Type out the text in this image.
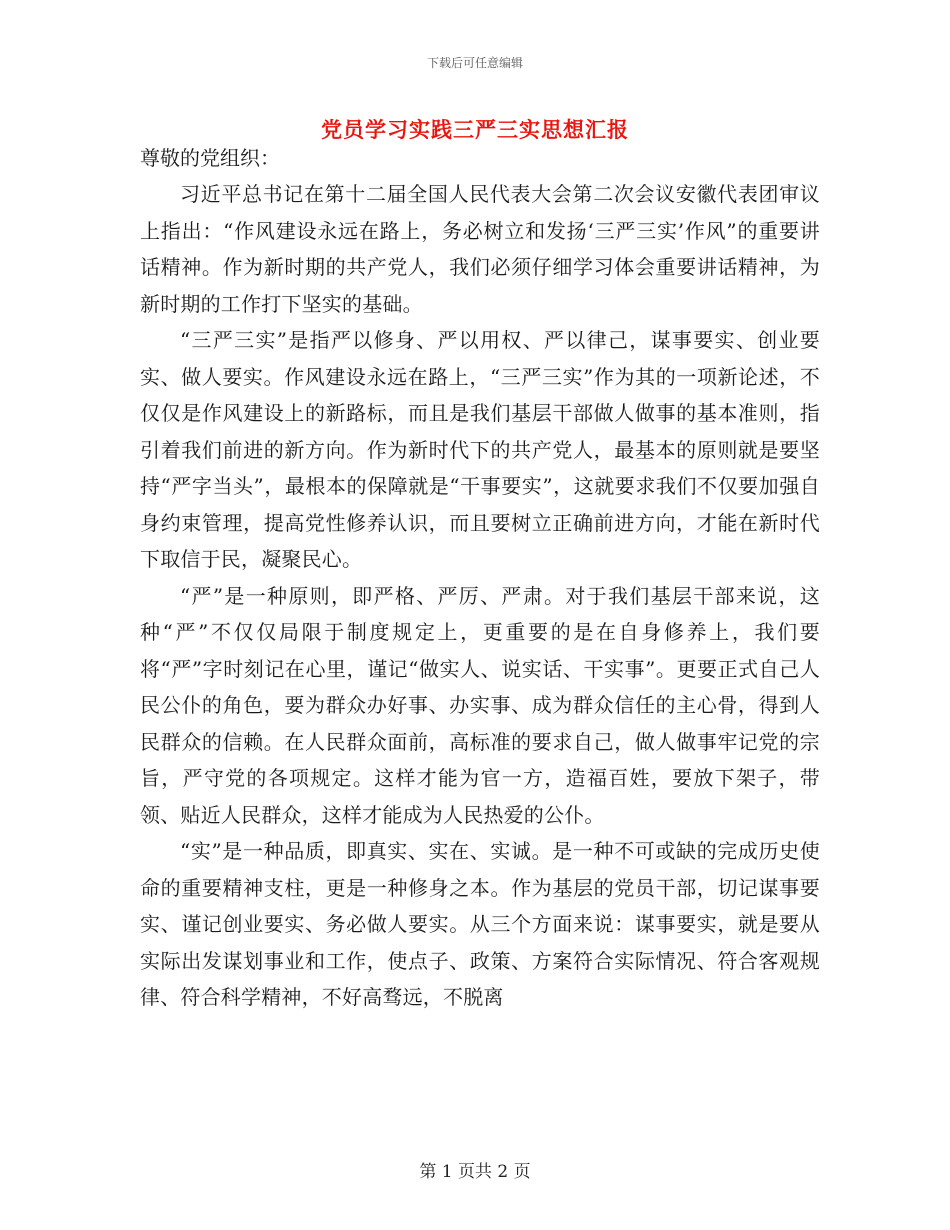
下载后可任意编辑
党员学习实践三严三实思想汇报

尊敬的党组织：

习近平总书记在第十二届全国人民代表大会第二次会议安徽代表团审议上指出：“作风建设永远在路上，务必树立和发扬‘三严三实’作风”的重要讲话精神。作为新时期的共产党人，我们必须仔细学习体会重要讲话精神，为新时期的工作打下坚实的基础。

“三严三实”是指严以修身、严以用权、严以律己，谋事要实、创业要实、做人要实。作风建设永远在路上，“三严三实”作为其的一项新论述，不仅仅是作风建设上的新路标，而且是我们基层干部做人做事的基本准则，指引着我们前进的新方向。作为新时代下的共产党人，最基本的原则就是要坚持“严字当头”，最根本的保障就是“干事要实”，这就要求我们不仅要加强自身约束管理，提高党性修养认识，而且要树立正确前进方向，才能在新时代下取信于民，凝聚民心。

“严”是一种原则，即严格、严厉、严肃。对于我们基层干部来说，这种“严”不仅仅局限于制度规定上，更重要的是在自身修养上，我们要将“严”字时刻记在心里，谨记“做实人、说实话、干实事”。更要正式自己人民公仆的角色，要为群众办好事、办实事、成为群众信任的主心骨，得到人民群众的信赖。在人民群众面前，高标准的要求自己，做人做事牢记党的宗旨，严守党的各项规定。这样才能为官一方，造福百姓，要放下架子，带领、贴近人民群众，这样才能成为人民热爱的公仆。

“实”是一种品质，即真实、实在、实诚。是一种不可或缺的完成历史使命的重要精神支柱，更是一种修身之本。作为基层的党员干部，切记谋事要实、谨记创业要实、务必做人要实。从三个方面来说：谋事要实，就是要从实际出发谋划事业和工作，使点子、政策、方案符合实际情况、符合客观规律、符合科学精神，不好高骛远，不脱离

第 1 页共 2 页
